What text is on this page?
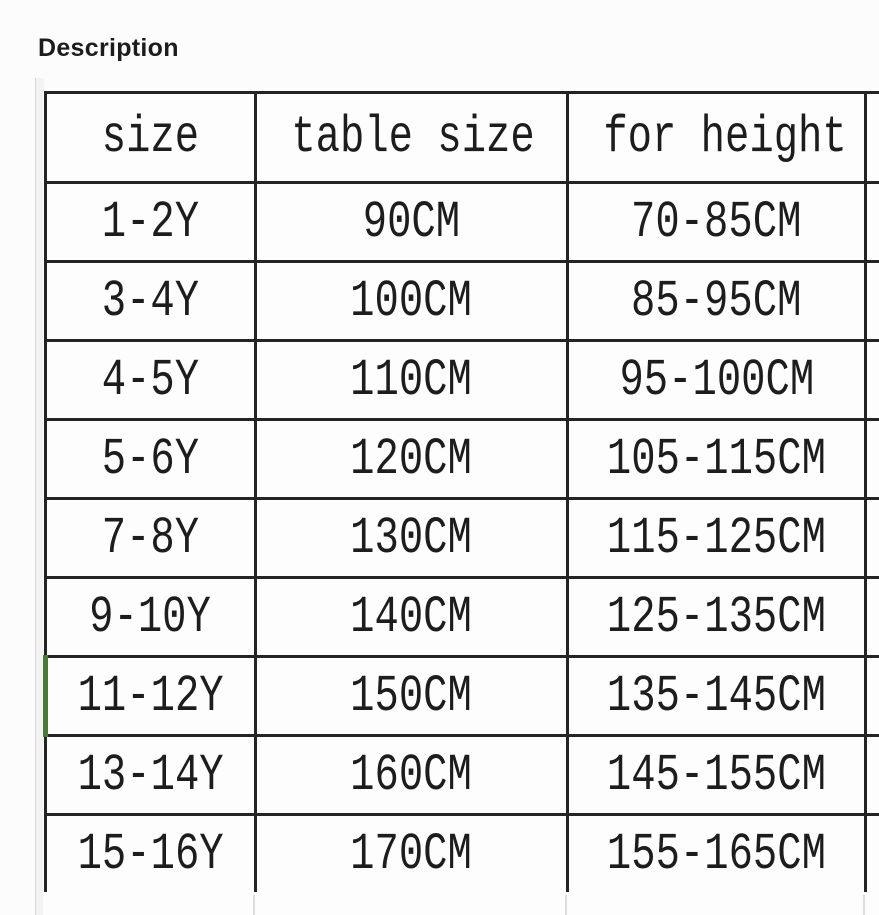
Description
size	table size	for height	
1-2Y	90CM	70-85CM	
3-4Y	100CM	85-95CM	
4-5Y	110CM	95-100CM	
5-6Y	120CM	105-115CM	
7-8Y	130CM	115-125CM	
9-10Y	140CM	125-135CM	
11-12Y	150CM	135-145CM	
13-14Y	160CM	145-155CM	
15-16Y	170CM	155-165CM	
